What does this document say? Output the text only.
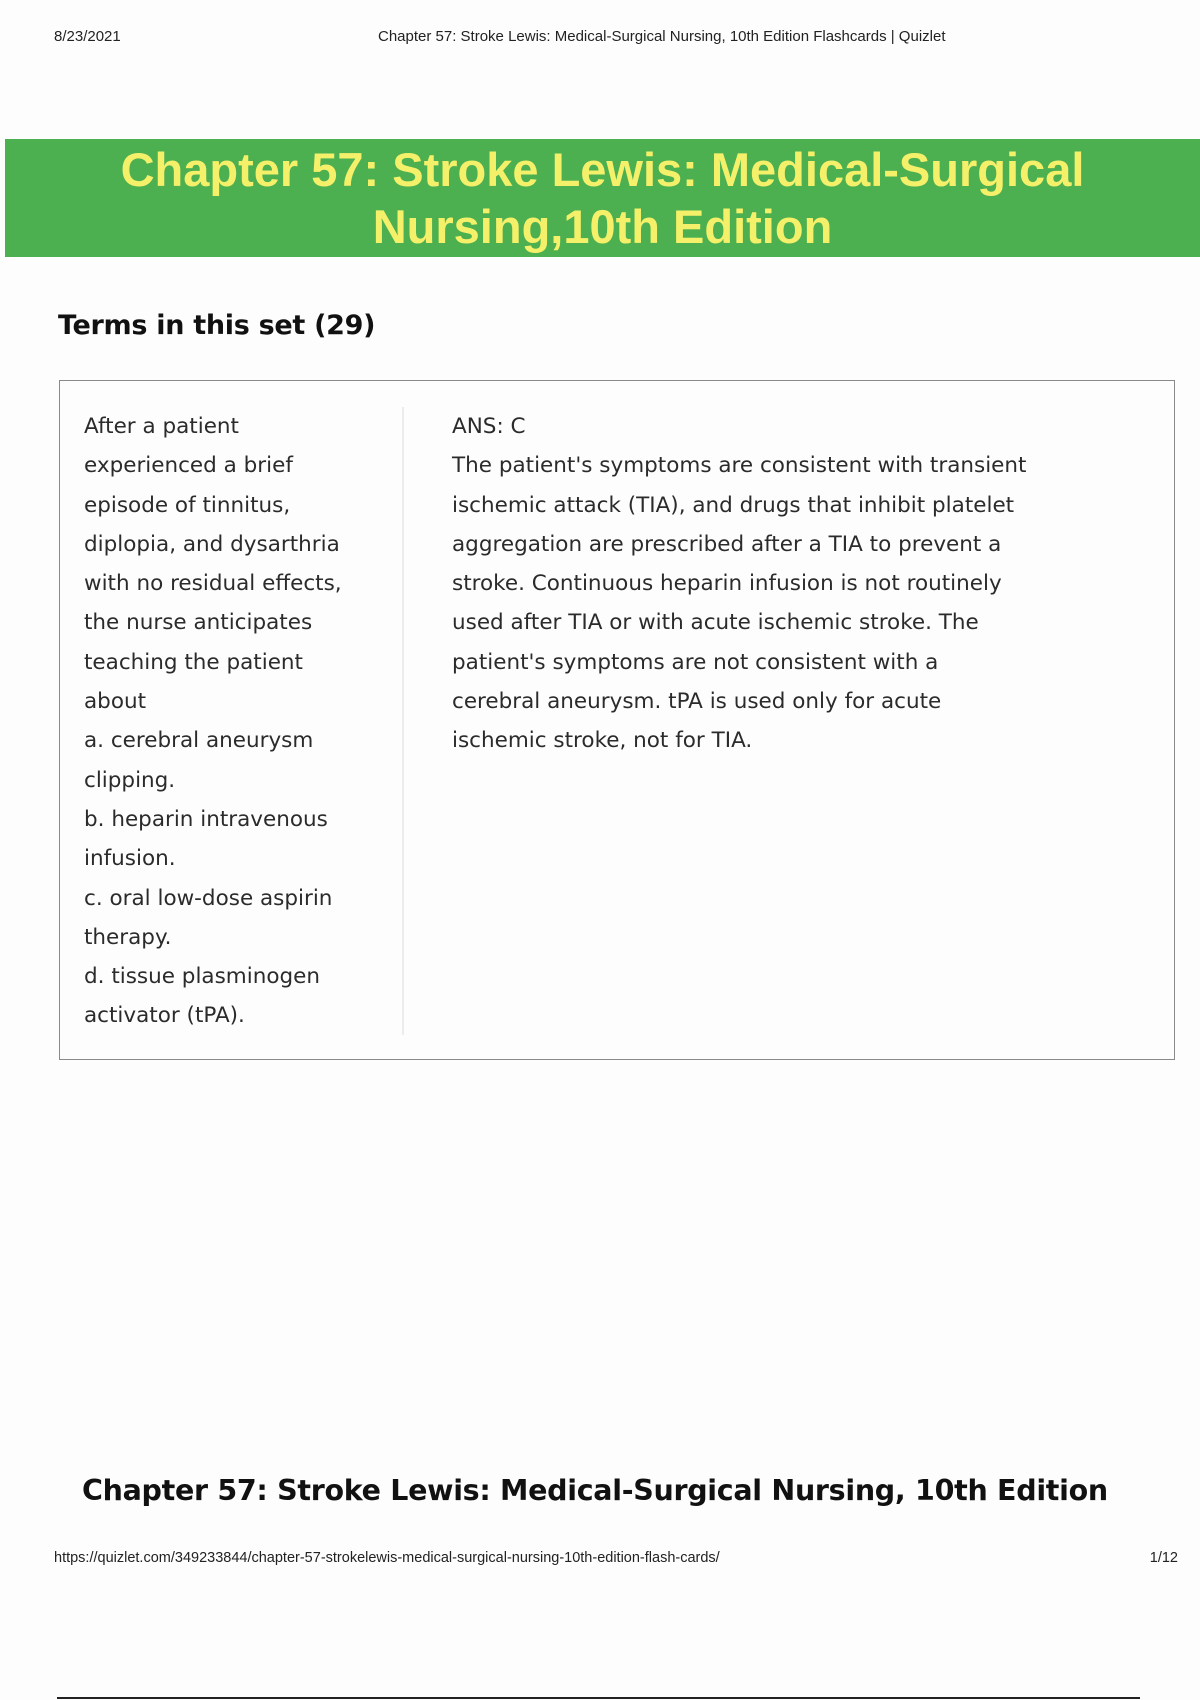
8/23/2021	Chapter 57: Stroke Lewis: Medical-Surgical Nursing, 10th Edition Flashcards | Quizlet
Chapter 57: Stroke Lewis: Medical-Surgical Nursing,10th Edition
Terms in this set (29)
After a patient
experienced a brief
episode of tinnitus,
diplopia, and dysarthria
with no residual effects,
the nurse anticipates
teaching the patient
about
a. cerebral aneurysm
clipping.
b. heparin intravenous
infusion.
c. oral low-dose aspirin
therapy.
d. tissue plasminogen
activator (tPA).
ANS: C
The patient's symptoms are consistent with transient
ischemic attack (TIA), and drugs that inhibit platelet
aggregation are prescribed after a TIA to prevent a
stroke. Continuous heparin infusion is not routinely
used after TIA or with acute ischemic stroke. The
patient's symptoms are not consistent with a
cerebral aneurysm. tPA is used only for acute
ischemic stroke, not for TIA.
Chapter 57: Stroke Lewis: Medical-Surgical Nursing, 10th Edition
https://quizlet.com/349233844/chapter-57-strokelewis-medical-surgical-nursing-10th-edition-flash-cards/	1/12
